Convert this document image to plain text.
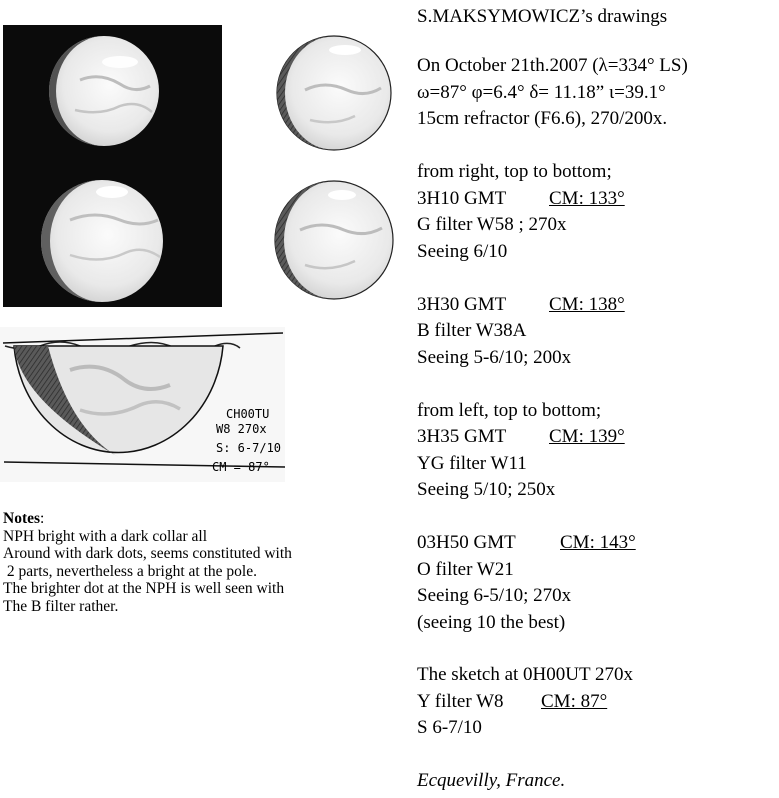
CH00TU
W8 270x
S: 6-7/10
CM = 87°
S.MAKSYMOWICZ’s drawings
On October 21th.2007 (λ=334° LS)
ω=87° φ=6.4° δ= 11.18” ι=39.1°
15cm refractor (F6.6), 270/200x.
from right, top to bottom;
3H10 GMT CM: 133°
G filter W58 ; 270x
Seeing 6/10
3H30 GMT CM: 138°
B filter W38A
Seeing 5-6/10; 200x
from left, top to bottom;
3H35 GMT CM: 139°
YG filter W11
Seeing 5/10; 250x
03H50 GMT CM: 143°
O filter W21
Seeing 6-5/10; 270x
(seeing 10 the best)
The sketch at 0H00UT 270x
Y filter W8 CM: 87°
S 6-7/10
Ecquevilly, France.
Notes:
NPH bright with a dark collar all
Around with dark dots, seems constituted with
2 parts, nevertheless a bright at the pole.
The brighter dot at the NPH is well seen with
The B filter rather.
